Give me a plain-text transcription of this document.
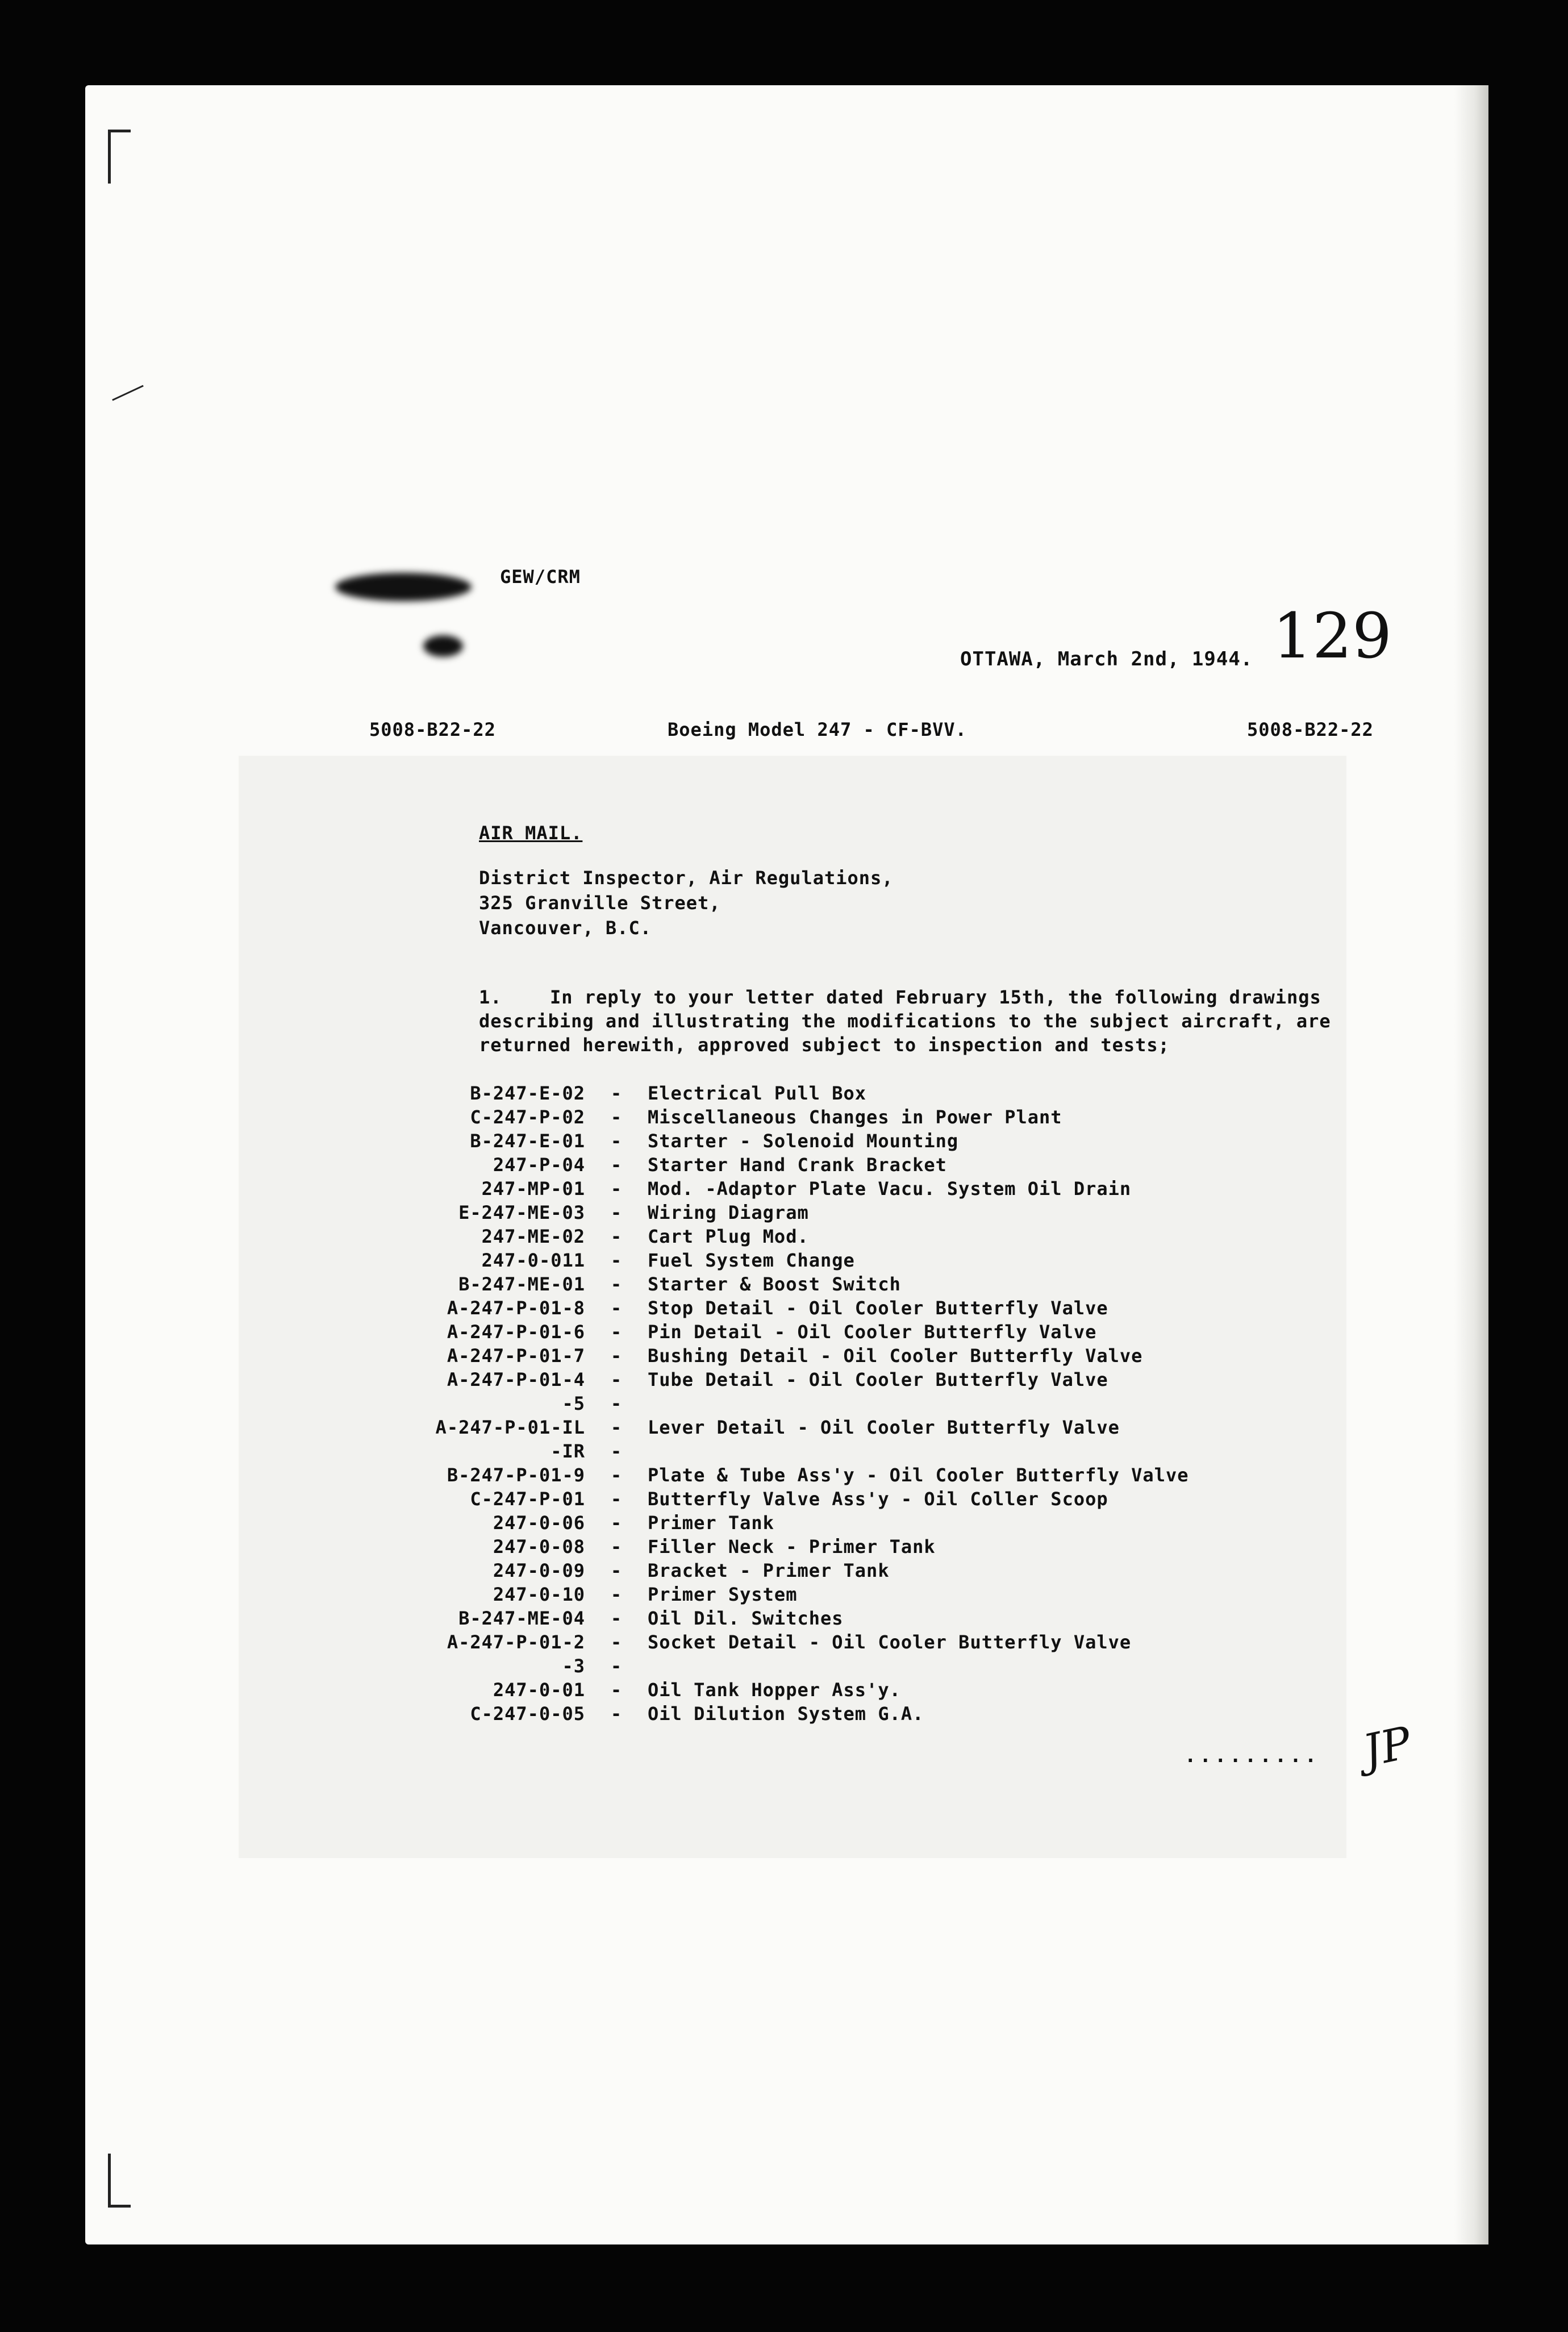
GEW/CRM
OTTAWA, March 2nd, 1944. 129
5008-B22-22	Boeing Model 247 - CF-BVV.	5008-B22-22
AIR MAIL.
District Inspector, Air Regulations,
325 Granville Street,
Vancouver, B.C.
1.	In reply to your letter dated February 15th, the following drawings
describing and illustrating the modifications to the subject aircraft, are
returned herewith, approved subject to inspection and tests;
B-247-E-02	-	Electrical Pull Box
C-247-P-02	-	Miscellaneous Changes in Power Plant
B-247-E-01	-	Starter - Solenoid Mounting
247-P-04	-	Starter Hand Crank Bracket
247-MP-01	-	Mod. -Adaptor Plate Vacu. System Oil Drain
E-247-ME-03	-	Wiring Diagram
247-ME-02	-	Cart Plug Mod.
247-0-011	-	Fuel System Change
B-247-ME-01	-	Starter & Boost Switch
A-247-P-01-8	-	Stop Detail - Oil Cooler Butterfly Valve
A-247-P-01-6	-	Pin Detail - Oil Cooler Butterfly Valve
A-247-P-01-7	-	Bushing Detail - Oil Cooler Butterfly Valve
A-247-P-01-4	-	Tube Detail - Oil Cooler Butterfly Valve
-5	-
A-247-P-01-IL	-	Lever Detail - Oil Cooler Butterfly Valve
-IR	-
B-247-P-01-9	-	Plate & Tube Ass'y - Oil Cooler Butterfly Valve
C-247-P-01	-	Butterfly Valve Ass'y - Oil Coller Scoop
247-0-06	-	Primer Tank
247-0-08	-	Filler Neck - Primer Tank
247-0-09	-	Bracket - Primer Tank
247-0-10	-	Primer System
B-247-ME-04	-	Oil Dil. Switches
A-247-P-01-2	-	Socket Detail - Oil Cooler Butterfly Valve
-3	-
247-0-01	-	Oil Tank Hopper Ass'y.
C-247-0-05	-	Oil Dilution System G.A.
......... JP
